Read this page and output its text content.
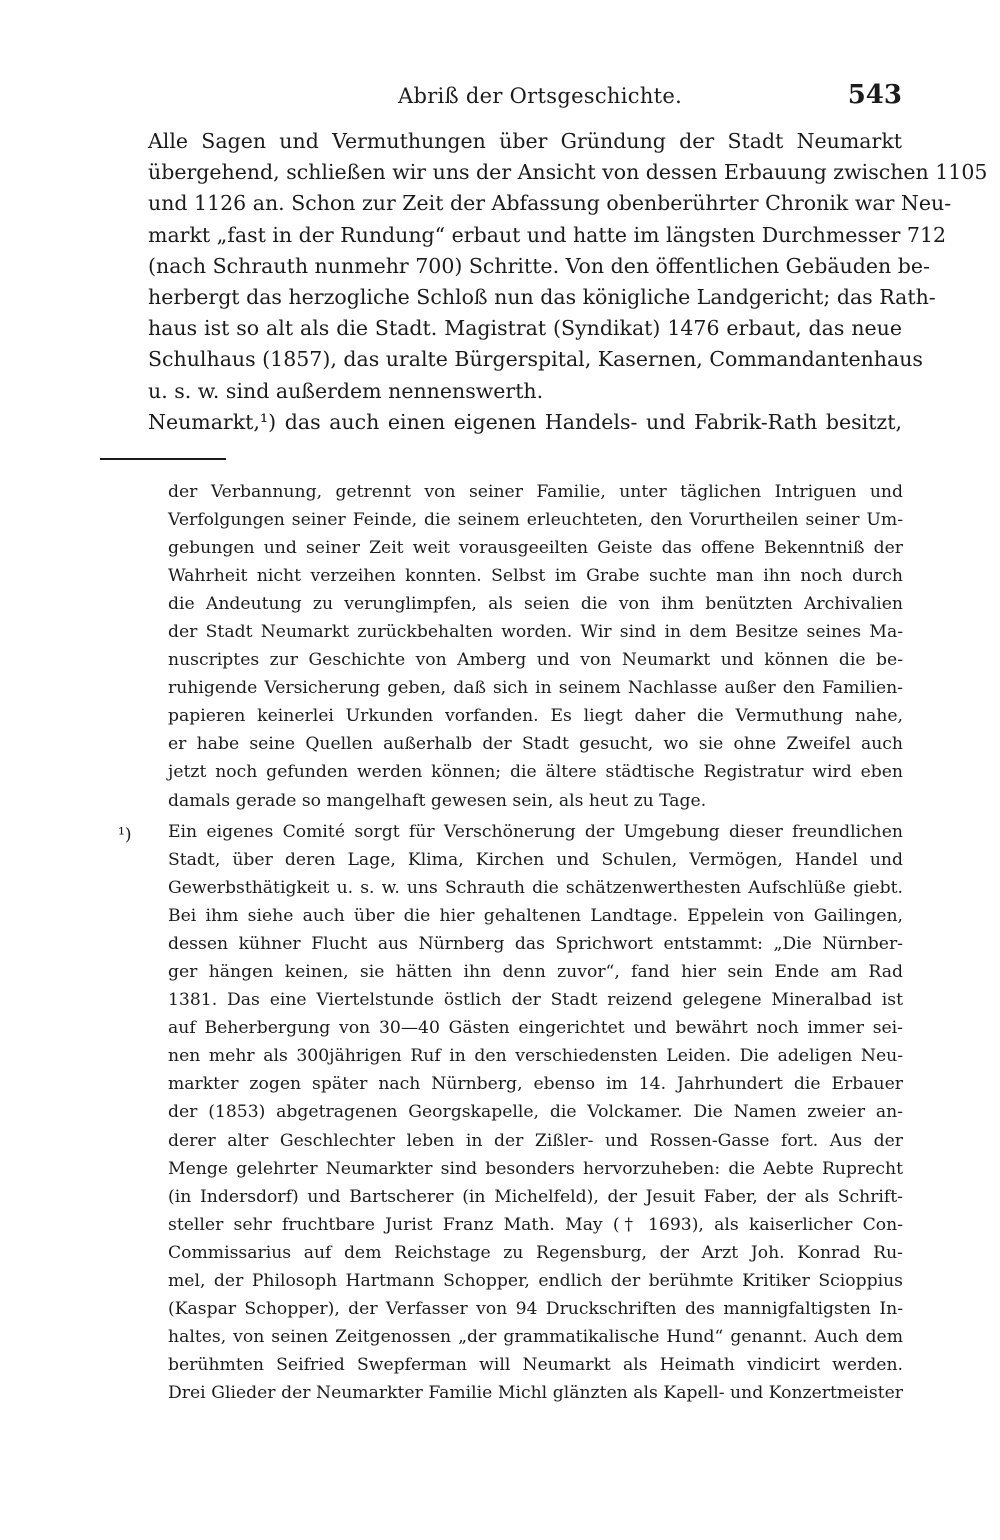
Abriß der Ortsgeschichte.	543
Alle Sagen und Vermuthungen über Gründung der Stadt Neumarkt
übergehend, schließen wir uns der Ansicht von dessen Erbauung zwischen 1105
und 1126 an. Schon zur Zeit der Abfassung obenberührter Chronik war Neu-
markt „fast in der Rundung“ erbaut und hatte im längsten Durchmesser 712
(nach Schrauth nunmehr 700) Schritte. Von den öffentlichen Gebäuden be-
herbergt das herzogliche Schloß nun das königliche Landgericht; das Rath-
haus ist so alt als die Stadt. Magistrat (Syndikat) 1476 erbaut, das neue
Schulhaus (1857), das uralte Bürgerspital, Kasernen, Commandantenhaus
u. s. w. sind außerdem nennenswerth.
Neumarkt,¹) das auch einen eigenen Handels- und Fabrik-Rath besitzt,
der Verbannung, getrennt von seiner Familie, unter täglichen Intriguen und
Verfolgungen seiner Feinde, die seinem erleuchteten, den Vorurtheilen seiner Um-
gebungen und seiner Zeit weit vorausgeeilten Geiste das offene Bekenntniß der
Wahrheit nicht verzeihen konnten. Selbst im Grabe suchte man ihn noch durch
die Andeutung zu verunglimpfen, als seien die von ihm benützten Archivalien
der Stadt Neumarkt zurückbehalten worden. Wir sind in dem Besitze seines Ma-
nuscriptes zur Geschichte von Amberg und von Neumarkt und können die be-
ruhigende Versicherung geben, daß sich in seinem Nachlasse außer den Familien-
papieren keinerlei Urkunden vorfanden. Es liegt daher die Vermuthung nahe,
er habe seine Quellen außerhalb der Stadt gesucht, wo sie ohne Zweifel auch
jetzt noch gefunden werden können; die ältere städtische Registratur wird eben
damals gerade so mangelhaft gewesen sein, als heut zu Tage.
¹) Ein eigenes Comité sorgt für Verschönerung der Umgebung dieser freundlichen
Stadt, über deren Lage, Klima, Kirchen und Schulen, Vermögen, Handel und
Gewerbsthätigkeit u. s. w. uns Schrauth die schätzenwerthesten Aufschlüße giebt.
Bei ihm siehe auch über die hier gehaltenen Landtage. Eppelein von Gailingen,
dessen kühner Flucht aus Nürnberg das Sprichwort entstammt: „Die Nürnber-
ger hängen keinen, sie hätten ihn denn zuvor“, fand hier sein Ende am Rad
1381. Das eine Viertelstunde östlich der Stadt reizend gelegene Mineralbad ist
auf Beherbergung von 30—40 Gästen eingerichtet und bewährt noch immer sei-
nen mehr als 300jährigen Ruf in den verschiedensten Leiden. Die adeligen Neu-
markter zogen später nach Nürnberg, ebenso im 14. Jahrhundert die Erbauer
der (1853) abgetragenen Georgskapelle, die Volckamer. Die Namen zweier an-
derer alter Geschlechter leben in der Zißler- und Rossen-Gasse fort. Aus der
Menge gelehrter Neumarkter sind besonders hervorzuheben: die Aebte Ruprecht
(in Indersdorf) und Bartscherer (in Michelfeld), der Jesuit Faber, der als Schrift-
steller sehr fruchtbare Jurist Franz Math. May († 1693), als kaiserlicher Con-
Commissarius auf dem Reichstage zu Regensburg, der Arzt Joh. Konrad Ru-
mel, der Philosoph Hartmann Schopper, endlich der berühmte Kritiker Scioppius
(Kaspar Schopper), der Verfasser von 94 Druckschriften des mannigfaltigsten In-
haltes, von seinen Zeitgenossen „der grammatikalische Hund“ genannt. Auch dem
berühmten Seifried Swepferman will Neumarkt als Heimath vindicirt werden.
Drei Glieder der Neumarkter Familie Michl glänzten als Kapell- und Konzertmeister
